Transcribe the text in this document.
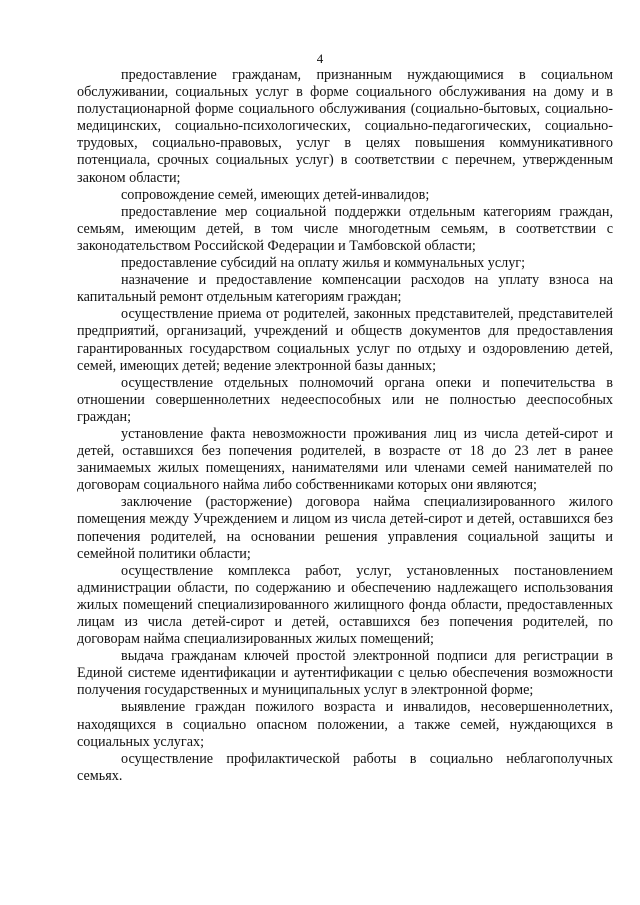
4

предоставление гражданам, признанным нуждающимися в социальном обслуживании, социальных услуг в форме социального обслуживания на дому и в полустационарной форме социального обслуживания (социально-бытовых, социально-медицинских, социально-психологических, социально-педагогических, социально-трудовых, социально-правовых, услуг в целях повышения коммуникативного потенциала, срочных социальных услуг) в соответствии с перечнем, утвержденным законом области;

сопровождение семей, имеющих детей-инвалидов;

предоставление мер социальной поддержки отдельным категориям граждан, семьям, имеющим детей, в том числе многодетным семьям, в соответствии с законодательством Российской Федерации и Тамбовской области;

предоставление субсидий на оплату жилья и коммунальных услуг;

назначение и предоставление компенсации расходов на уплату взноса на капитальный ремонт отдельным категориям граждан;

осуществление приема от родителей, законных представителей, представителей предприятий, организаций, учреждений и обществ документов для предоставления гарантированных государством социальных услуг по отдыху и оздоровлению детей, семей, имеющих детей; ведение электронной базы данных;

осуществление отдельных полномочий органа опеки и попечительства в отношении совершеннолетних недееспособных или не полностью дееспособных граждан;

установление факта невозможности проживания лиц из числа детей-сирот и детей, оставшихся без попечения родителей, в возрасте от 18 до 23 лет в ранее занимаемых жилых помещениях, нанимателями или членами семей нанимателей по договорам социального найма либо собственниками которых они являются;

заключение (расторжение) договора найма специализированного жилого помещения между Учреждением и лицом из числа детей-сирот и детей, оставшихся без попечения родителей, на основании решения управления социальной защиты и семейной политики области;

осуществление комплекса работ, услуг, установленных постановлением администрации области, по содержанию и обеспечению надлежащего использования жилых помещений специализированного жилищного фонда области, предоставленных лицам из числа детей-сирот и детей, оставшихся без попечения родителей, по договорам найма специализированных жилых помещений;

выдача гражданам ключей простой электронной подписи для регистрации в Единой системе идентификации и аутентификации с целью обеспечения возможности получения государственных и муниципальных услуг в электронной форме;

выявление граждан пожилого возраста и инвалидов, несовершеннолетних, находящихся в социально опасном положении, а также семей, нуждающихся в социальных услугах;

осуществление профилактической работы в социально неблагополучных семьях.
